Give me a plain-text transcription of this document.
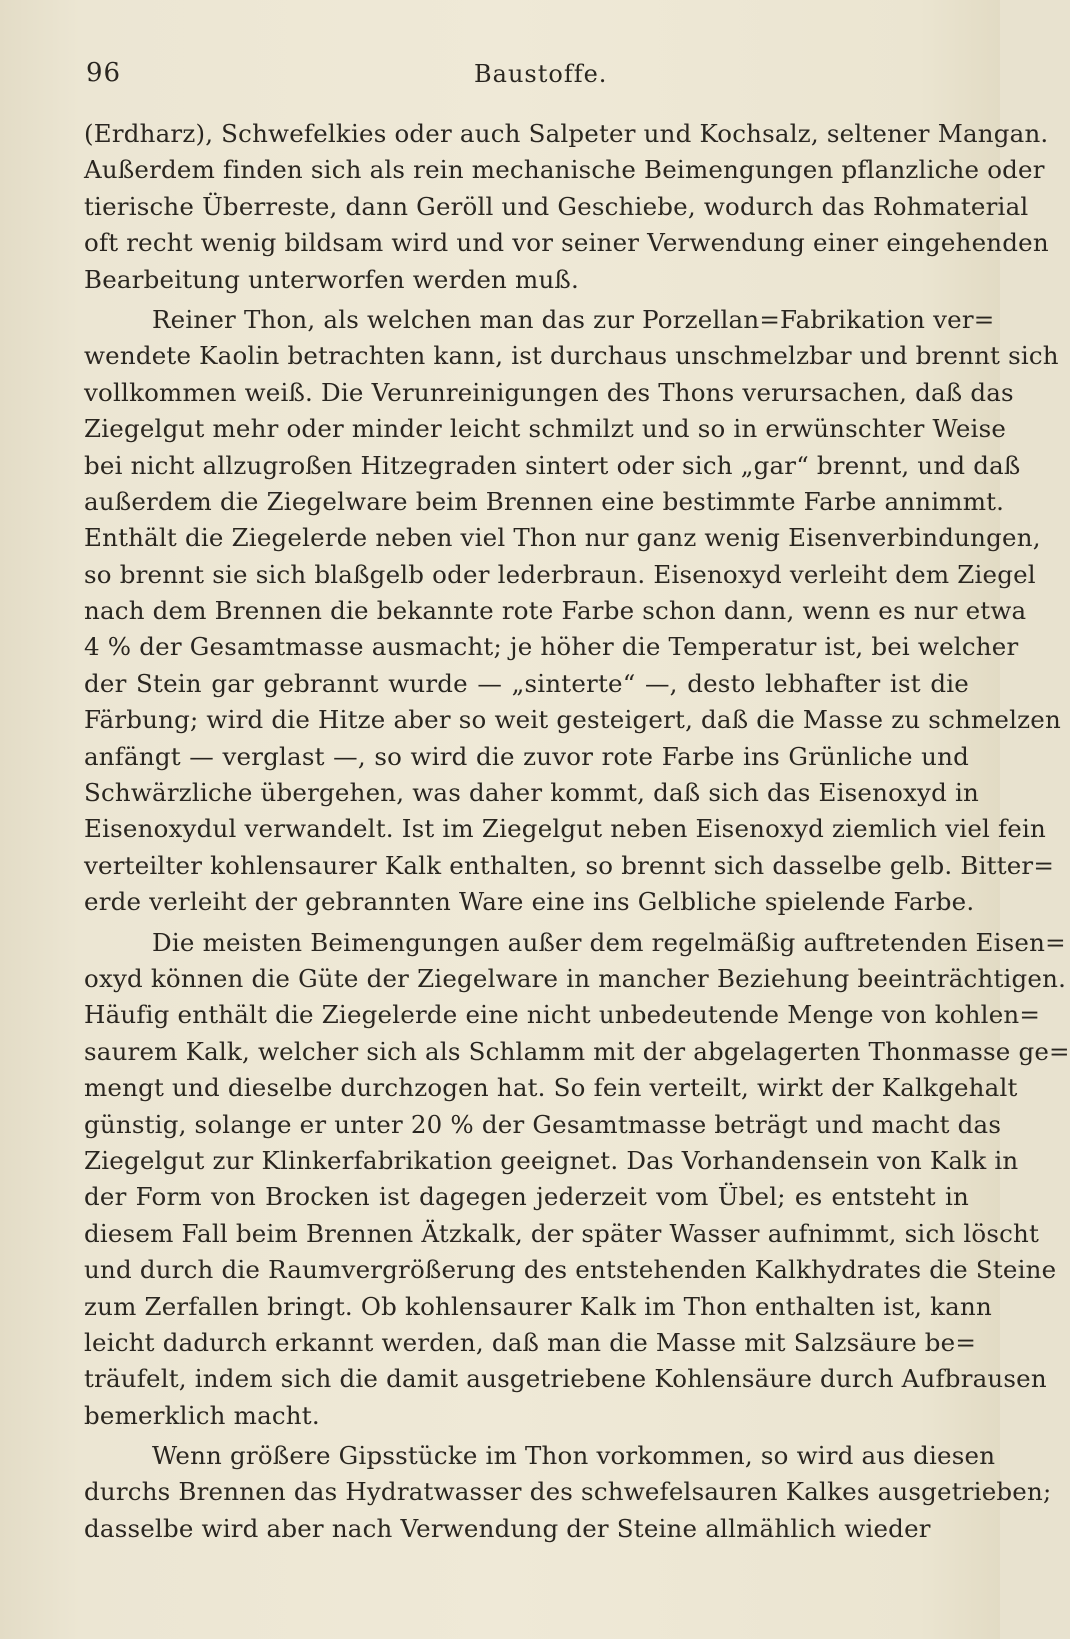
96	Baustoffe.
(Erdharz), Schwefelkies oder auch Salpeter und Kochsalz, seltener Mangan.
Außerdem finden sich als rein mechanische Beimengungen pflanzliche oder
tierische Überreste, dann Geröll und Geschiebe, wodurch das Rohmaterial
oft recht wenig bildsam wird und vor seiner Verwendung einer eingehenden
Bearbeitung unterworfen werden muß.
Reiner Thon, als welchen man das zur Porzellan=Fabrikation ver=
wendete Kaolin betrachten kann, ist durchaus unschmelzbar und brennt sich
vollkommen weiß. Die Verunreinigungen des Thons verursachen, daß das
Ziegelgut mehr oder minder leicht schmilzt und so in erwünschter Weise
bei nicht allzugroßen Hitzegraden sintert oder sich „gar“ brennt, und daß
außerdem die Ziegelware beim Brennen eine bestimmte Farbe annimmt.
Enthält die Ziegelerde neben viel Thon nur ganz wenig Eisenverbindungen,
so brennt sie sich blaßgelb oder lederbraun. Eisenoxyd verleiht dem Ziegel
nach dem Brennen die bekannte rote Farbe schon dann, wenn es nur etwa
4 % der Gesamtmasse ausmacht; je höher die Temperatur ist, bei welcher
der Stein gar gebrannt wurde — „sinterte“ —, desto lebhafter ist die
Färbung; wird die Hitze aber so weit gesteigert, daß die Masse zu schmelzen
anfängt — verglast —, so wird die zuvor rote Farbe ins Grünliche und
Schwärzliche übergehen, was daher kommt, daß sich das Eisenoxyd in
Eisenoxydul verwandelt. Ist im Ziegelgut neben Eisenoxyd ziemlich viel fein
verteilter kohlensaurer Kalk enthalten, so brennt sich dasselbe gelb. Bitter=
erde verleiht der gebrannten Ware eine ins Gelbliche spielende Farbe.
Die meisten Beimengungen außer dem regelmäßig auftretenden Eisen=
oxyd können die Güte der Ziegelware in mancher Beziehung beeinträchtigen.
Häufig enthält die Ziegelerde eine nicht unbedeutende Menge von kohlen=
saurem Kalk, welcher sich als Schlamm mit der abgelagerten Thonmasse ge=
mengt und dieselbe durchzogen hat. So fein verteilt, wirkt der Kalkgehalt
günstig, solange er unter 20 % der Gesamtmasse beträgt und macht das
Ziegelgut zur Klinkerfabrikation geeignet. Das Vorhandensein von Kalk in
der Form von Brocken ist dagegen jederzeit vom Übel; es entsteht in
diesem Fall beim Brennen Ätzkalk, der später Wasser aufnimmt, sich löscht
und durch die Raumvergrößerung des entstehenden Kalkhydrates die Steine
zum Zerfallen bringt. Ob kohlensaurer Kalk im Thon enthalten ist, kann
leicht dadurch erkannt werden, daß man die Masse mit Salzsäure be=
träufelt, indem sich die damit ausgetriebene Kohlensäure durch Aufbrausen
bemerklich macht.
Wenn größere Gipsstücke im Thon vorkommen, so wird aus diesen
durchs Brennen das Hydratwasser des schwefelsauren Kalkes ausgetrieben;
dasselbe wird aber nach Verwendung der Steine allmählich wieder
